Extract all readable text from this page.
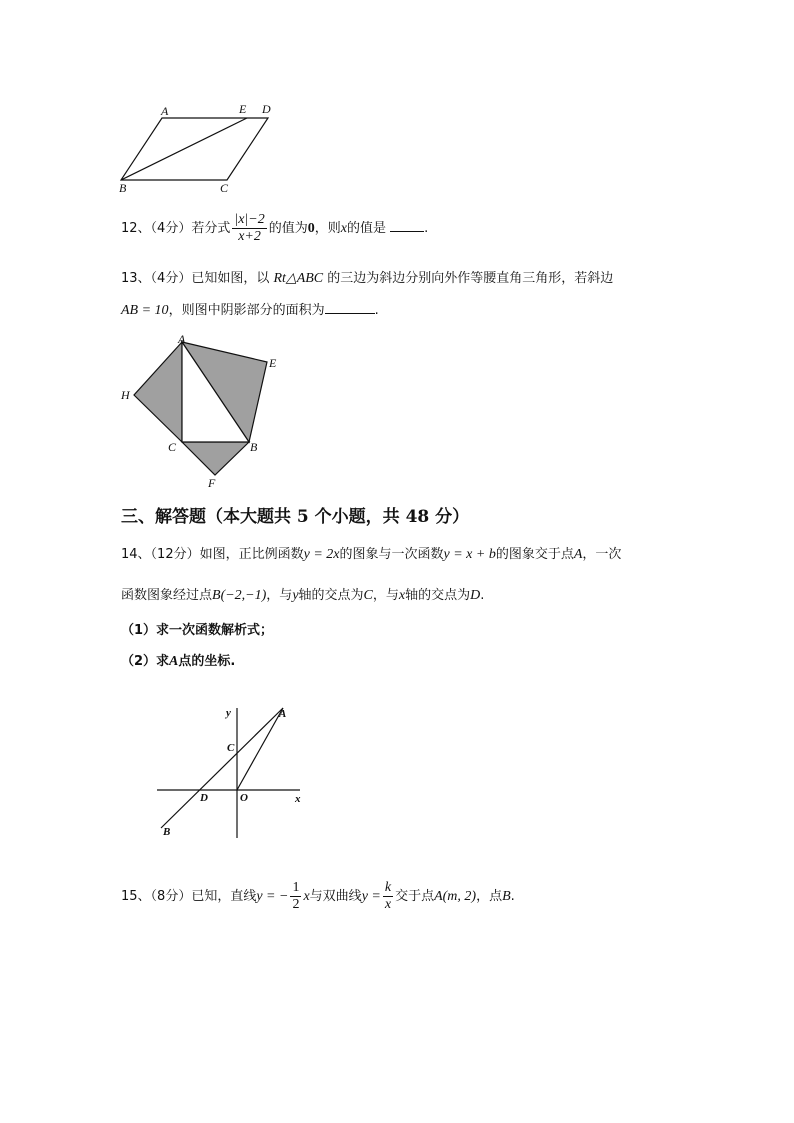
A	E D
B	C
12、（4分）若分式 $\frac{|x|-2}{x+2}$ 的值为0，则x的值是	.
13、（4分）已知如图，以 Rt△ABC 的三边为斜边分别向外作等腰直角三角形，若斜边
AB = 10，则图中阴影部分的面积为	.
A
E
H
C	B
F
三、解答题（本大题共 5 个小题，共 48 分）
14、（12分）如图，正比例函数y = 2x的图象与一次函数y = x + b的图象交于点A，一次
函数图象经过点B(−2,−1)，与y轴的交点为C，与x轴的交点为D.
（1）求一次函数解析式；
（2）求A点的坐标.
y	A
C
D	O	x
B
15、（8分）已知，直线y = − $\frac{1}{2}$ x与双曲线$y = \frac{k}{x}$ 交于点A(m, 2)，点B.
